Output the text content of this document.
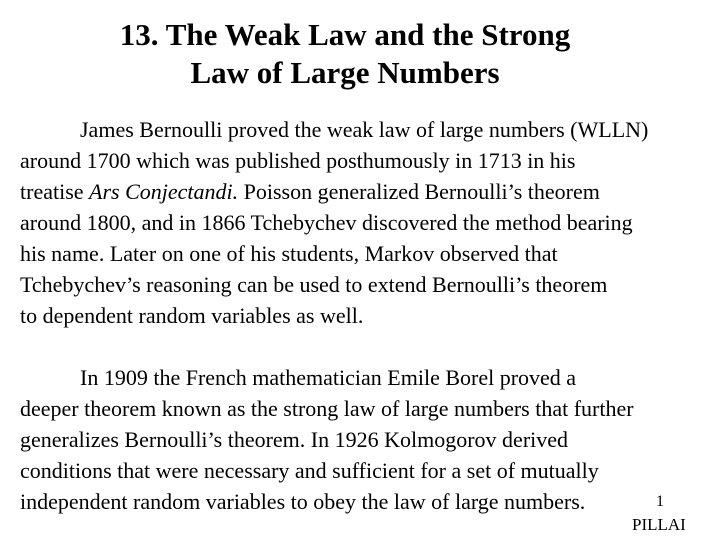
13. The Weak Law and the Strong
Law of Large Numbers
James Bernoulli proved the weak law of large numbers (WLLN)
around 1700 which was published posthumously in 1713 in his
treatise Ars Conjectandi. Poisson generalized Bernoulli’s theorem
around 1800, and in 1866 Tchebychev discovered the method bearing
his name. Later on one of his students, Markov observed that
Tchebychev’s reasoning can be used to extend Bernoulli’s theorem
to dependent random variables as well.
In 1909 the French mathematician Emile Borel proved a
deeper theorem known as the strong law of large numbers that further
generalizes Bernoulli’s theorem. In 1926 Kolmogorov derived
conditions that were necessary and sufficient for a set of mutually
independent random variables to obey the law of large numbers.	1
PILLAI
